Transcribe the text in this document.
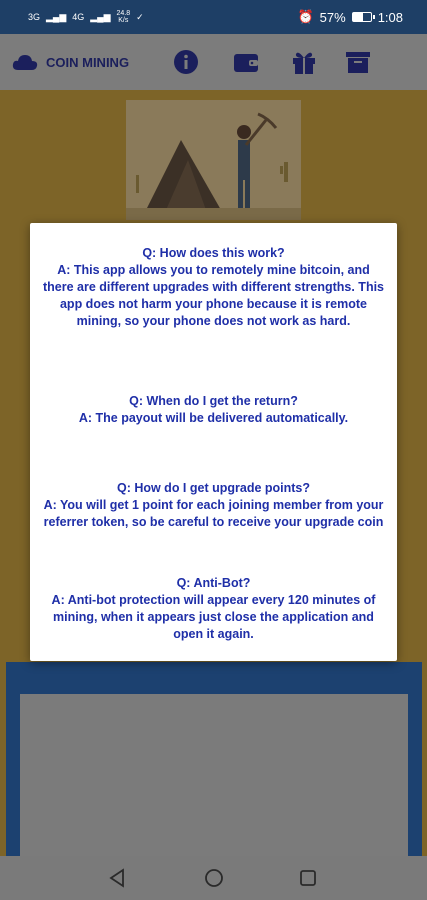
3G ▂▄▆ 4G ▂▄▆ 24.8
K/s ✓	⏰ 57% 1:08
COIN MINING

Q: How does this work?

A: This app allows you to remotely mine bitcoin, and there are different upgrades with different strengths. This app does not harm your phone because it is remote mining, so your phone does not work as hard.

Q: When do I get the return?

A: The payout will be delivered automatically.

Q: How do I get upgrade points?

A: You will get 1 point for each joining member from your referrer token, so be careful to receive your upgrade coin

Q: Anti-Bot?

A: Anti-bot protection will appear every 120 minutes of mining, when it appears just close the application and open it again.
